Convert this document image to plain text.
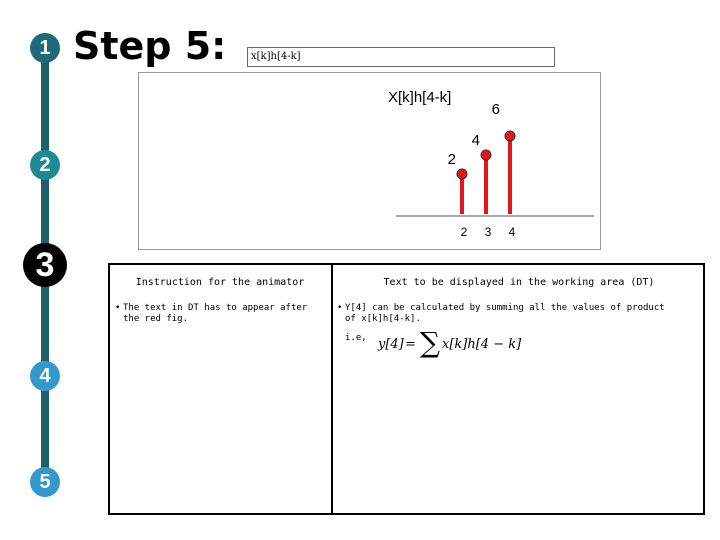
1
2
3
4
5
Step 5:	x[k]h[4-k]
X[k]h[4-k]
2
2
4
3
6
4
Instruction for the animator	Text to be displayed in the working area (DT)
• The text in DT has to appear after the red fig.
• Y[4] can be calculated by summing all the values of product of x[k]h[4-k].
i.e, y[4] = ∑ x[k]h[4 − k]
